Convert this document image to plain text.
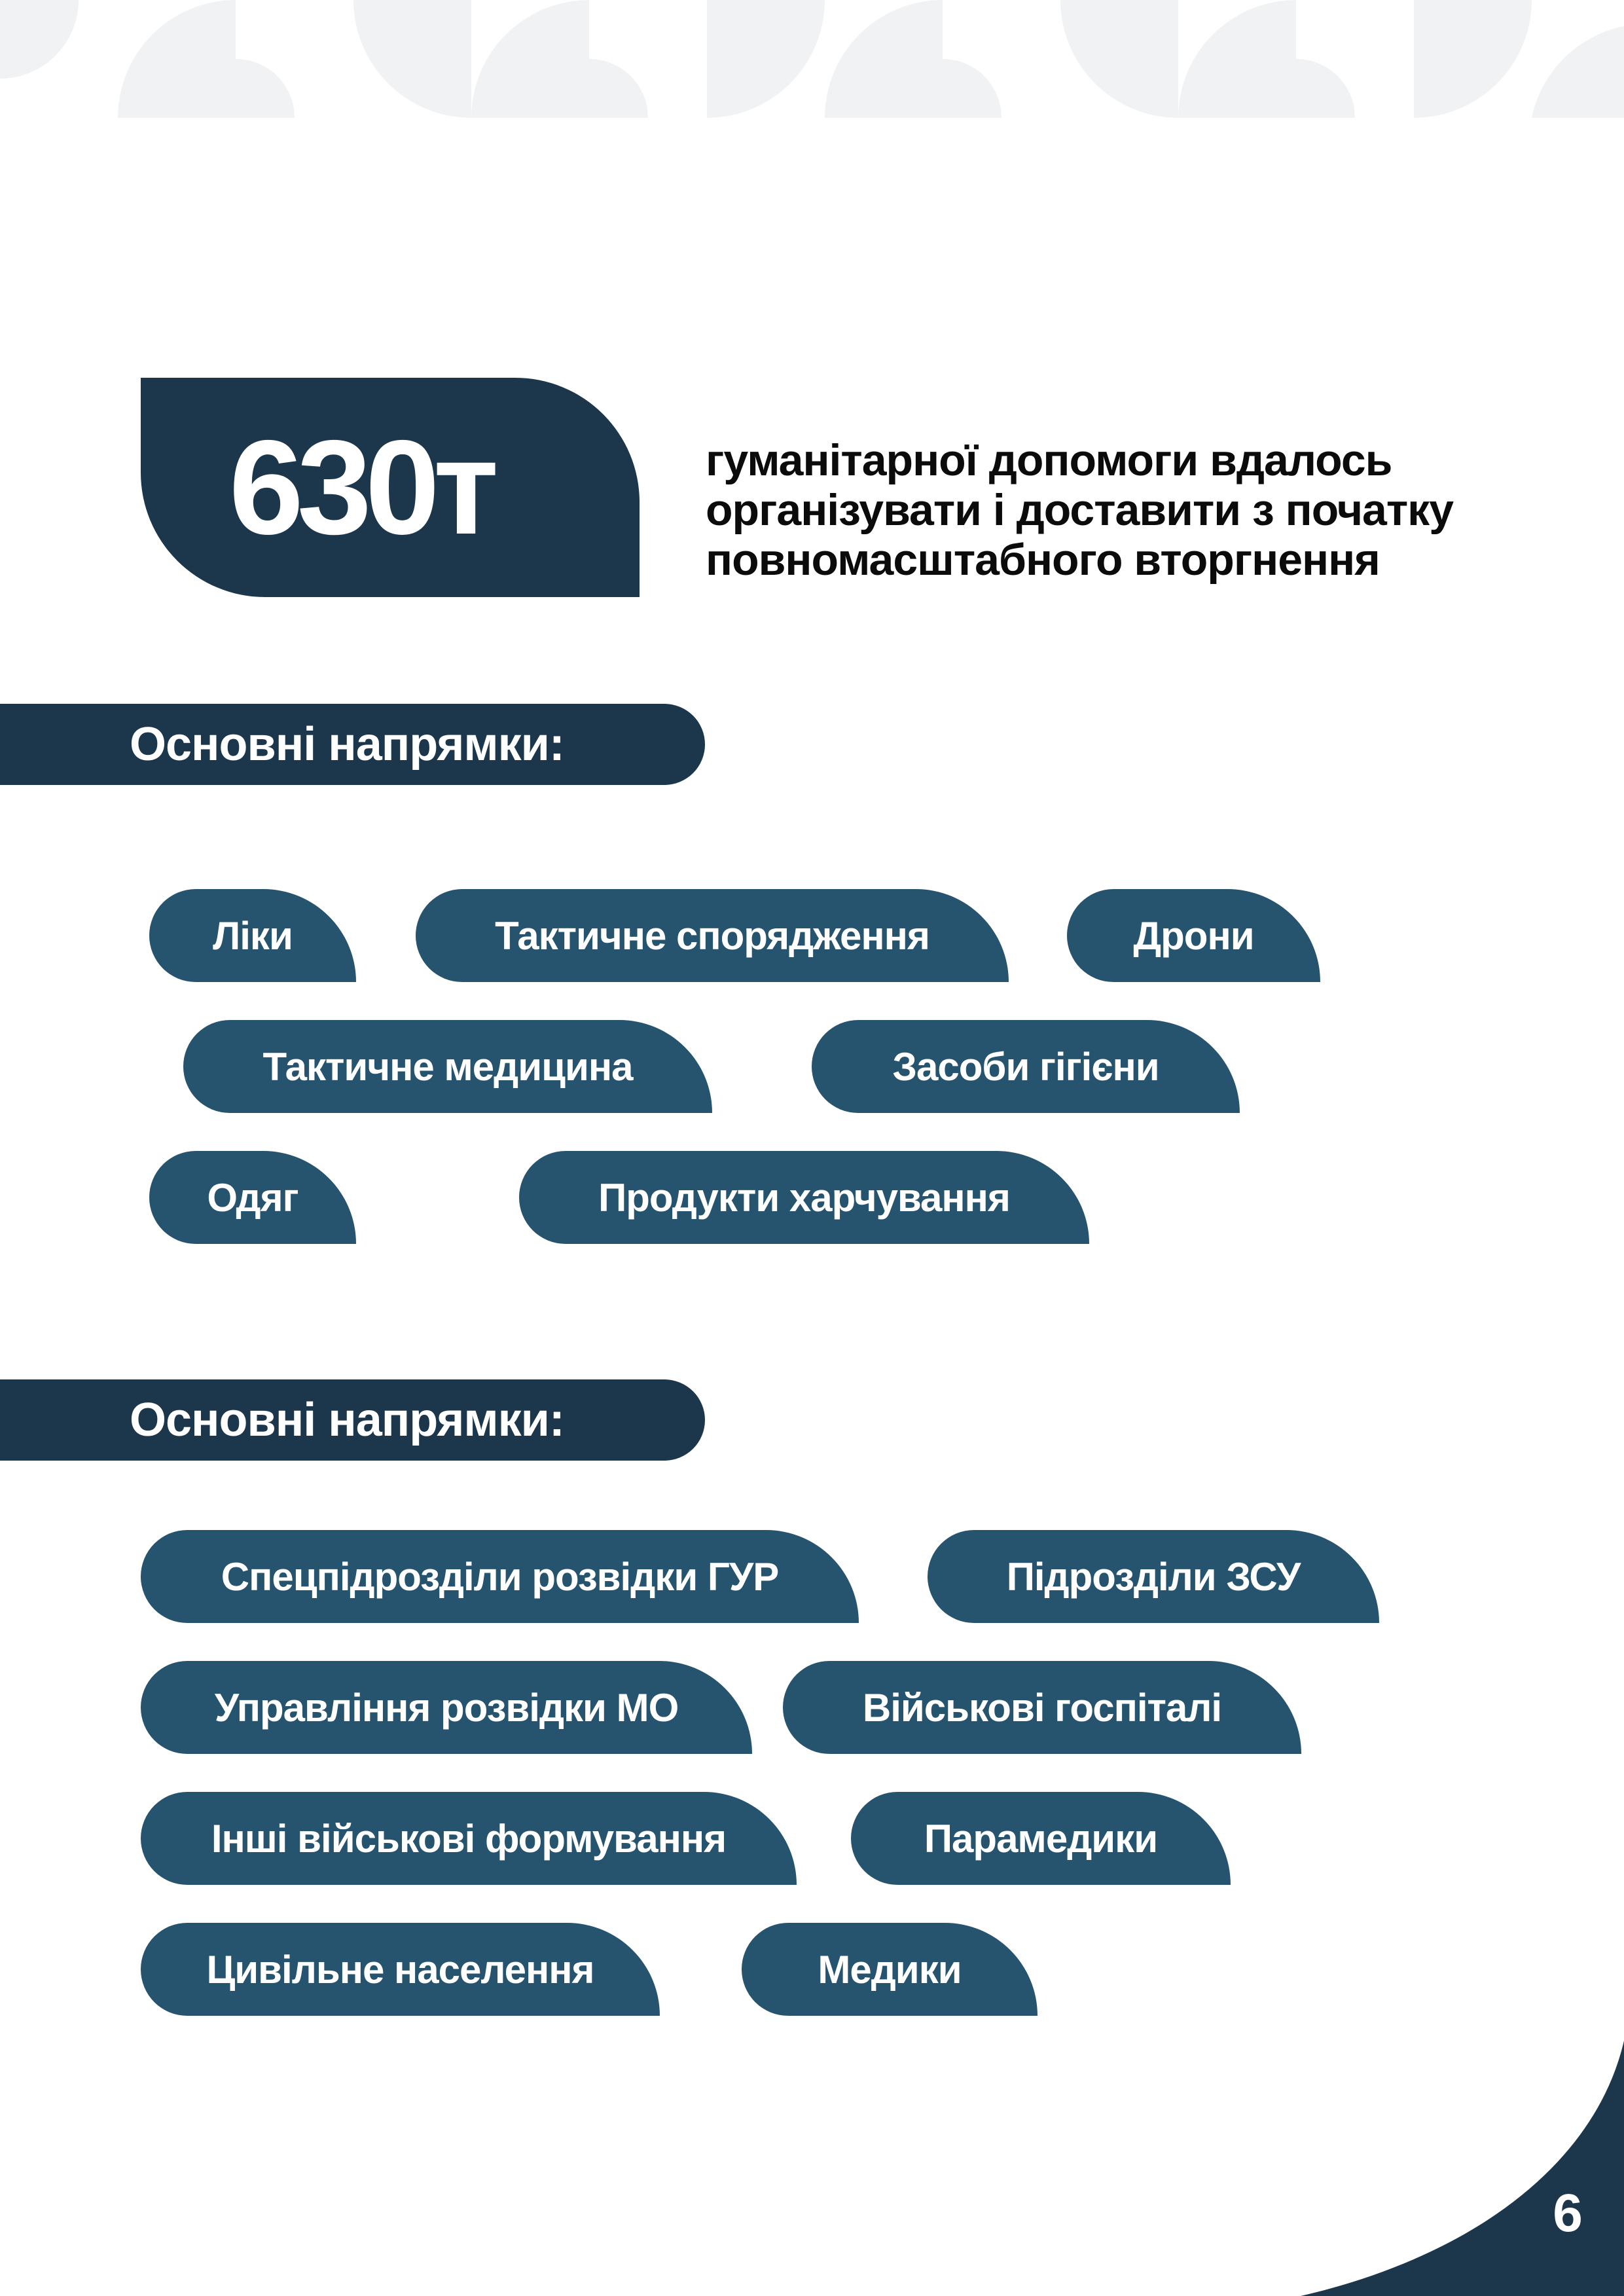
630т	гуманітарної допомоги вдалось
організувати і доставити з початку
повномасштабного вторгнення
Основні напрямки:
Ліки	Тактичне спорядження	Дрони
Тактичне медицина	Засоби гігієни
Одяг	Продукти харчування
Основні напрямки:
Спецпідрозділи розвідки ГУР	Підрозділи ЗСУ
Управління розвідки МО	Військові госпіталі
Інші військові формування	Парамедики
Цивільне населення	Медики
6
